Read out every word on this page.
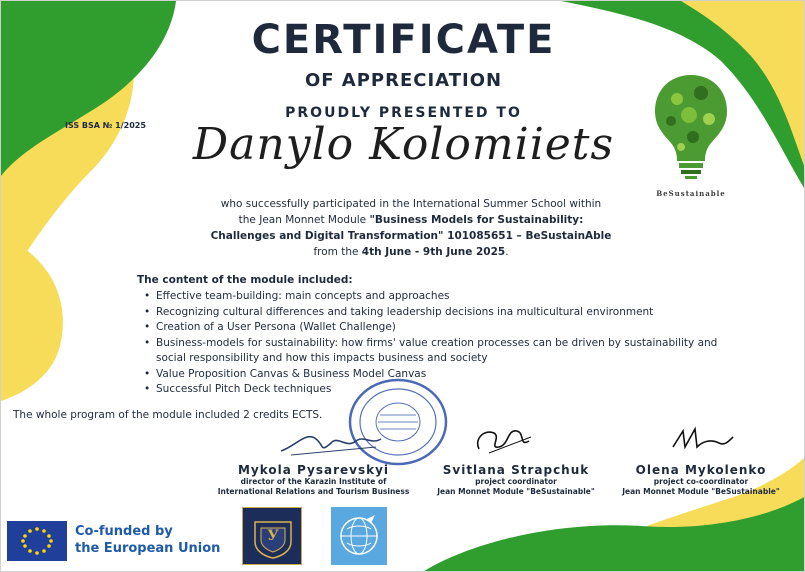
CERTIFICATE
OF APPRECIATION
PROUDLY PRESENTED TO
ISS BSA № 1/2025	Danylo Kolomiiets
BeSustainable
who successfully participated in the International Summer School within
the Jean Monnet Module "Business Models for Sustainability:
Challenges and Digital Transformation" 101085651 – BeSustainAble
from the 4th June - 9th June 2025.
The content of the module included:
• Effective team-building: main concepts and approaches
• Recognizing cultural differences and taking leadership decisions ina multicultural environment
• Creation of a User Persona (Wallet Challenge)
• Business-models for sustainability: how firms' value creation processes can be driven by sustainability and social responsibility and how this impacts business and society
• Value Proposition Canvas & Business Model Canvas
• Successful Pitch Deck techniques
The whole program of the module included 2 credits ECTS.
Mykola Pysarevskyi
director of the Karazin Institute of
International Relations and Tourism Business
Svitlana Strapchuk
project coordinator
Jean Monnet Module "BeSustainable"
Olena Mykolenko
project co-coordinator
Jean Monnet Module "BeSustainable"
Co-funded by
the European Union
У
